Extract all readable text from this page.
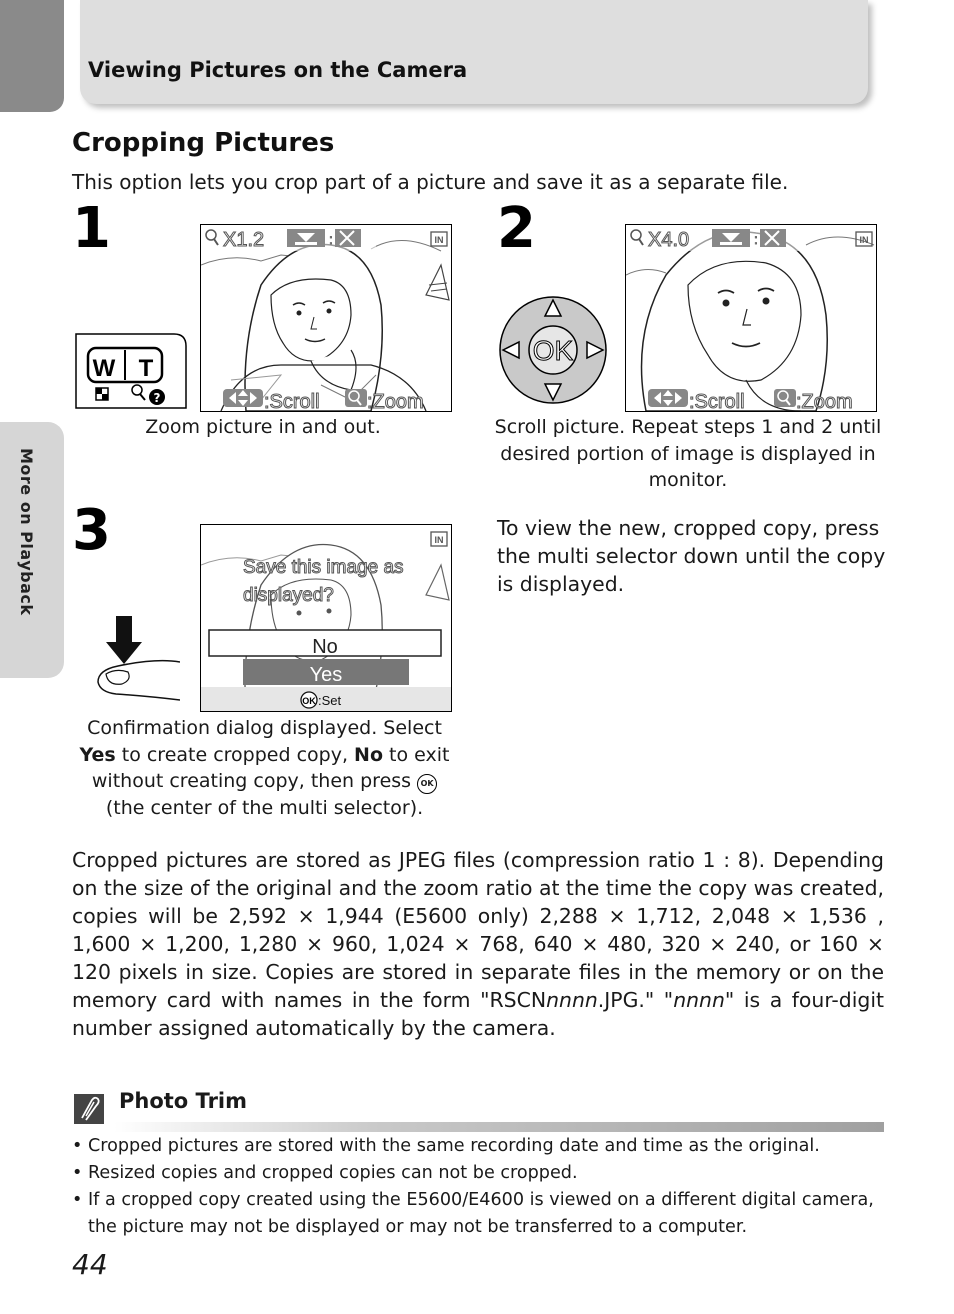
Viewing Pictures on the Camera
More on Playback
Cropping Pictures
This option lets you crop part of a picture and save it as a separate file.
1
W T
?
X1.2	:	IN
:Scroll :Zoom
Zoom picture in and out.
2
OK
X4.0	:	IN
:Scroll	:Zoom
Scroll picture. Repeat steps 1 and 2 until desired portion of image is displayed in monitor.
3	IN
Save this image as
displayed?
No
Yes
OK :Set
Confirmation dialog displayed. Select Yes to create cropped copy, No to exit without creating copy, then press OK (the center of the multi selector).
To view the new, cropped copy, press the multi selector down until the copy is displayed.
Cropped pictures are stored as JPEG files (compression ratio 1 : 8). Depending on the size of the original and the zoom ratio at the time the copy was created, copies will be 2,592 × 1,944 (E5600 only) 2,288 × 1,712, 2,048 × 1,536 , 1,600 × 1,200, 1,280 × 960, 1,024 × 768, 640 × 480, 320 × 240, or 160 × 120 pixels in size. Copies are stored in separate files in the memory or on the memory card with names in the form "RSCNnnnn.JPG." "nnnn" is a four-digit number assigned automatically by the camera.
Photo Trim
• Cropped pictures are stored with the same recording date and time as the original.
• Resized copies and cropped copies can not be cropped.
• If a cropped copy created using the E5600/E4600 is viewed on a different digital camera, the picture may not be displayed or may not be transferred to a computer.
44
